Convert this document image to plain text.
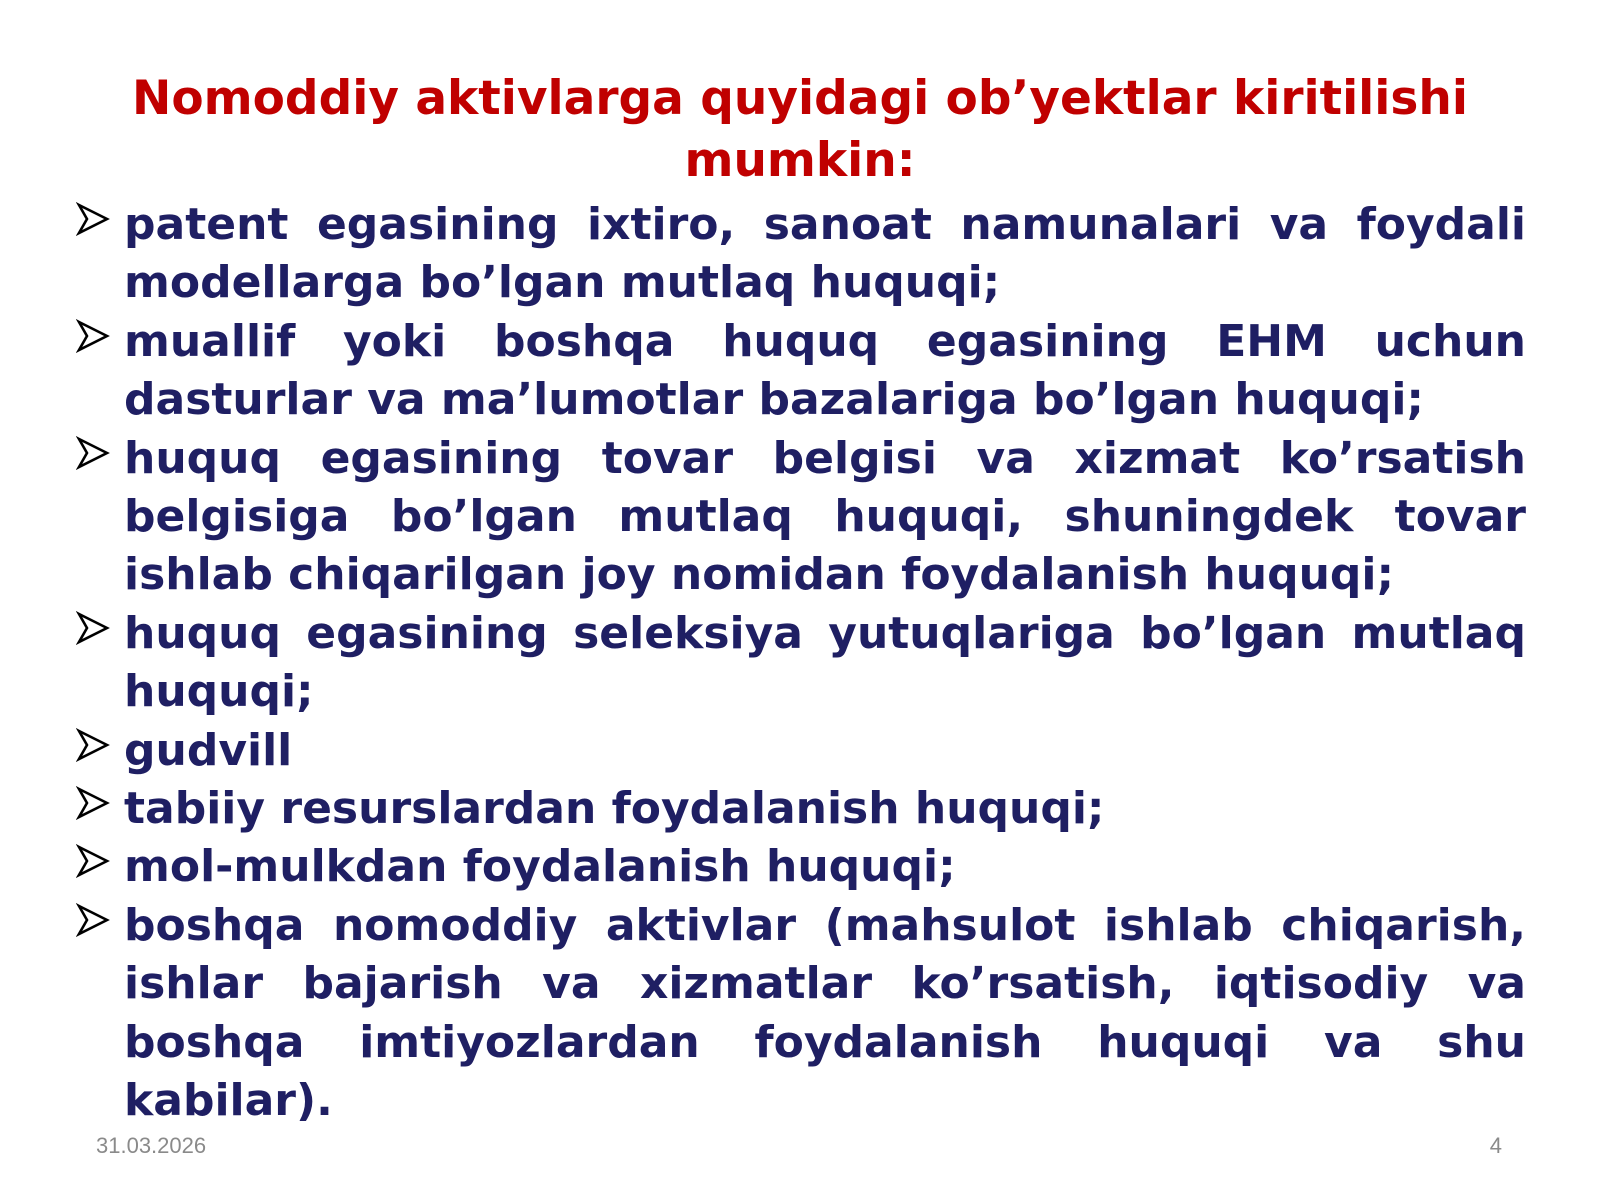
Nomoddiy aktivlarga quyidagi ob’yektlar kiritilishi mumkin:
patent egasining ixtiro, sanoat namunalari va foydali modellarga bo’lgan mutlaq huquqi;
muallif yoki boshqa huquq egasining EHM uchun dasturlar va ma’lumotlar bazalariga bo’lgan huquqi;
huquq egasining tovar belgisi va xizmat ko’rsatish belgisiga bo’lgan mutlaq huquqi, shuningdek tovar ishlab chiqarilgan joy nomidan foydalanish huquqi;
huquq egasining seleksiya yutuqlariga bo’lgan mutlaq huquqi;
gudvill
tabiiy resurslardan foydalanish huquqi;
mol-mulkdan foydalanish huquqi;
boshqa nomoddiy aktivlar (mahsulot ishlab chiqarish, ishlar bajarish va xizmatlar ko’rsatish, iqtisodiy va boshqa imtiyozlardan foydalanish huquqi va shu kabilar).
31.03.2026	4
